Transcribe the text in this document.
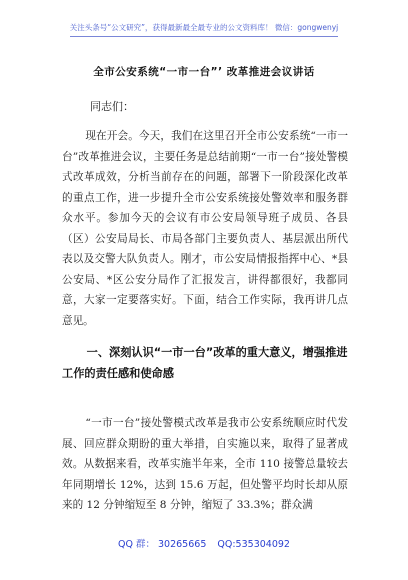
关注头条号“公文研究”，获得最新最全最专业的公文资料库！ 微信：gongwenyj
全市公安系统“一市一台”’ 改革推进会议讲话
同志们：
现在开会。今天，我们在这里召开全市公安系统“一市一台”改革推进会议，主要任务是总结前期“一市一台”接处警模式改革成效，分析当前存在的问题，部署下一阶段深化改革的重点工作，进一步提升全市公安系统接处警效率和服务群众水平。参加今天的会议有市公安局领导班子成员、各县（区）公安局局长、市局各部门主要负责人、基层派出所代表以及交警大队负责人。刚才，市公安局情报指挥中心、*县公安局、*区公安分局作了汇报发言，讲得都很好，我都同意，大家一定要落实好。下面，结合工作实际，我再讲几点意见。
一、深刻认识“一市一台”改革的重大意义，增强推进工作的责任感和使命感
“一市一台”接处警模式改革是我市公安系统顺应时代发展、回应群众期盼的重大举措，自实施以来，取得了显著成效。从数据来看，改革实施半年来，全市 110 接警总量较去年同期增长 12%，达到 15.6 万起，但处警平均时长却从原来的 12 分钟缩短至 8 分钟，缩短了 33.3%；群众满
QQ 群： 30265665 QQ:535304092
